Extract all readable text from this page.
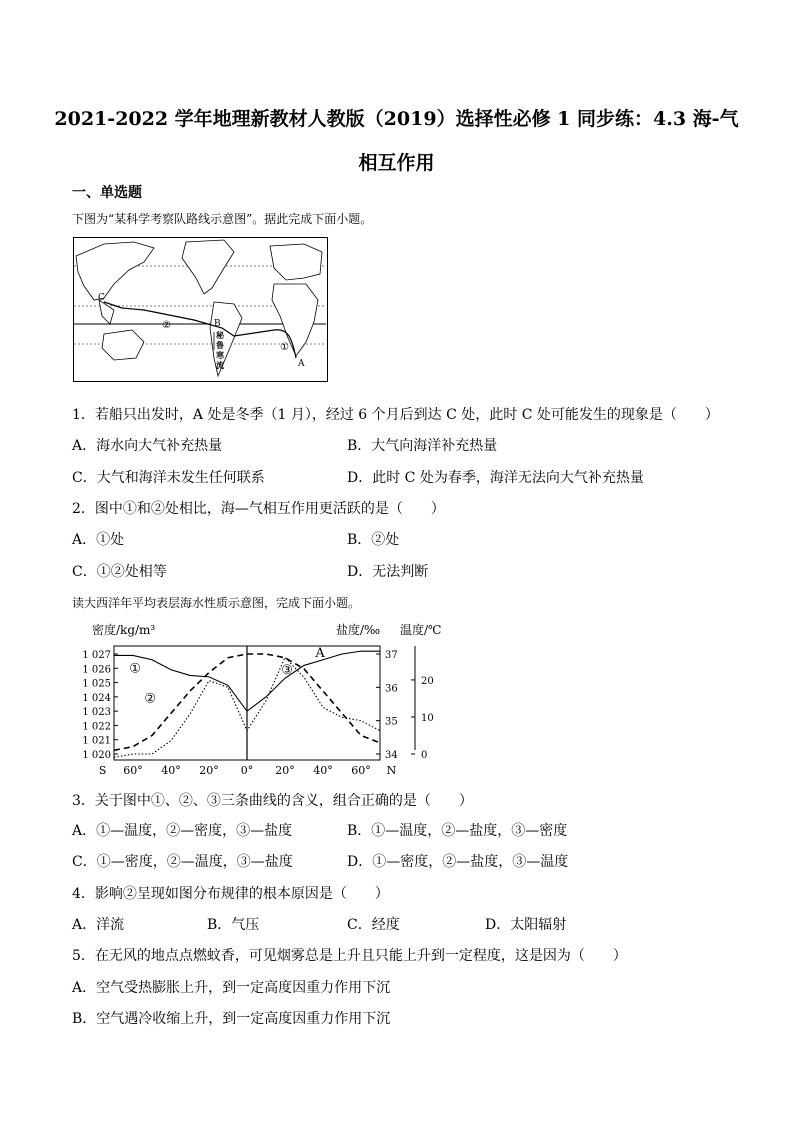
2021-2022 学年地理新教材人教版（2019）选择性必修 1 同步练：4.3 海-气
相互作用
一、单选题
下图为“某科学考察队路线示意图”。据此完成下面小题。
C
B
A
②
①
秘
鲁
寒
流
1．若船只出发时，A 处是冬季（1 月），经过 6 个月后到达 C 处，此时 C 处可能发生的现象是（　　）
A．海水向大气补充热量	B．大气向海洋补充热量
C．大气和海洋未发生任何联系	D．此时 C 处为春季，海洋无法向大气补充热量
2．图中①和②处相比，海—气相互作用更活跃的是（　　）
A．①处	B．②处
C．①②处相等	D．无法判断
读大西洋年平均表层海水性质示意图，完成下面小题。
密度/kg/m³	盐度/‰ 温度/℃
1 027
1 026
1 025
1 024
1 023
1 022
1 021
1 020
37
36
35
34
20
10
0
S 60° 40° 20° 0° 20° 40° 60° N
①
②
③
A
3．关于图中①、②、③三条曲线的含义，组合正确的是（　　）
A．①—温度，②—密度，③—盐度	B．①—温度，②—盐度，③—密度
C．①—密度，②—温度，③—盐度	D．①—密度，②—盐度，③—温度
4．影响②呈现如图分布规律的根本原因是（　　）
A．洋流	B．气压	C．经度	D．太阳辐射
5．在无风的地点点燃蚊香，可见烟雾总是上升且只能上升到一定程度，这是因为（　　）
A．空气受热膨胀上升，到一定高度因重力作用下沉
B．空气遇冷收缩上升，到一定高度因重力作用下沉
